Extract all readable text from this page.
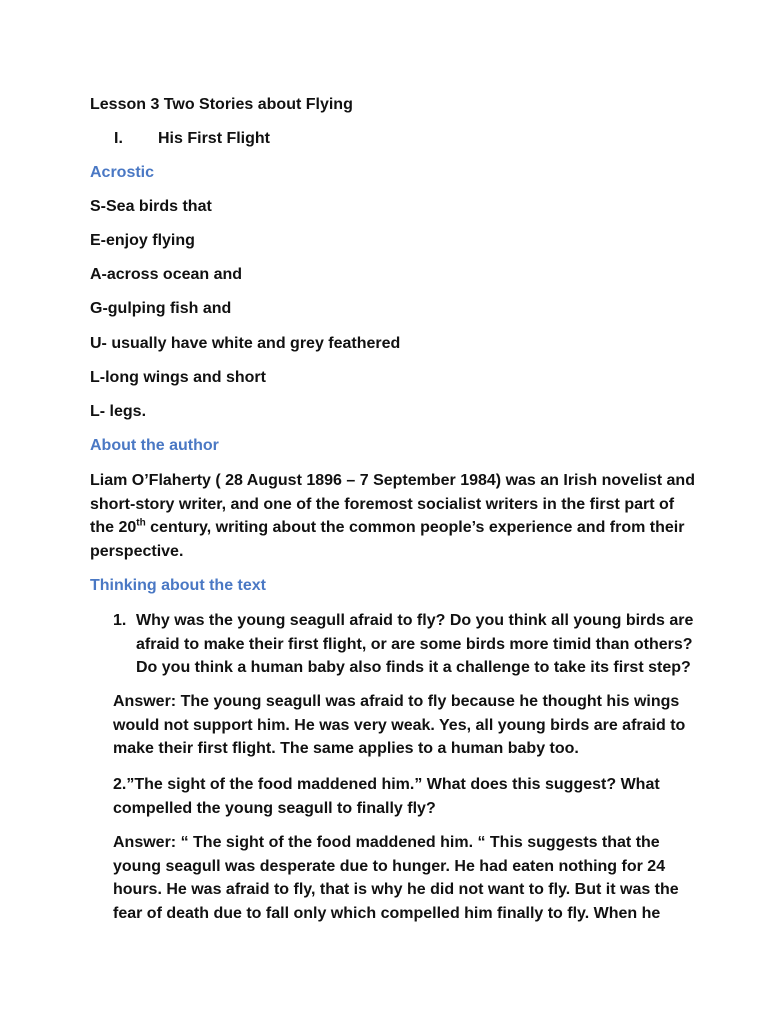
Lesson 3 Two Stories about Flying
I. His First Flight
Acrostic
S-Sea birds that
E-enjoy flying
A-across ocean and
G-gulping fish and
U- usually have white and grey feathered
L-long wings and short
L- legs.
About the author
Liam O’Flaherty ( 28 August 1896 – 7 September 1984) was an Irish novelist and
short-story writer, and one of the foremost socialist writers in the first part of
the 20th century, writing about the common people’s experience and from their
perspective.
Thinking about the text
1. Why was the young seagull afraid to fly? Do you think all young birds are
afraid to make their first flight, or are some birds more timid than others?
Do you think a human baby also finds it a challenge to take its first step?
Answer: The young seagull was afraid to fly because he thought his wings
would not support him. He was very weak. Yes, all young birds are afraid to
make their first flight. The same applies to a human baby too.
2.”The sight of the food maddened him.” What does this suggest? What
compelled the young seagull to finally fly?
Answer: “ The sight of the food maddened him. “ This suggests that the
young seagull was desperate due to hunger. He had eaten nothing for 24
hours. He was afraid to fly, that is why he did not want to fly. But it was the
fear of death due to fall only which compelled him finally to fly. When he
